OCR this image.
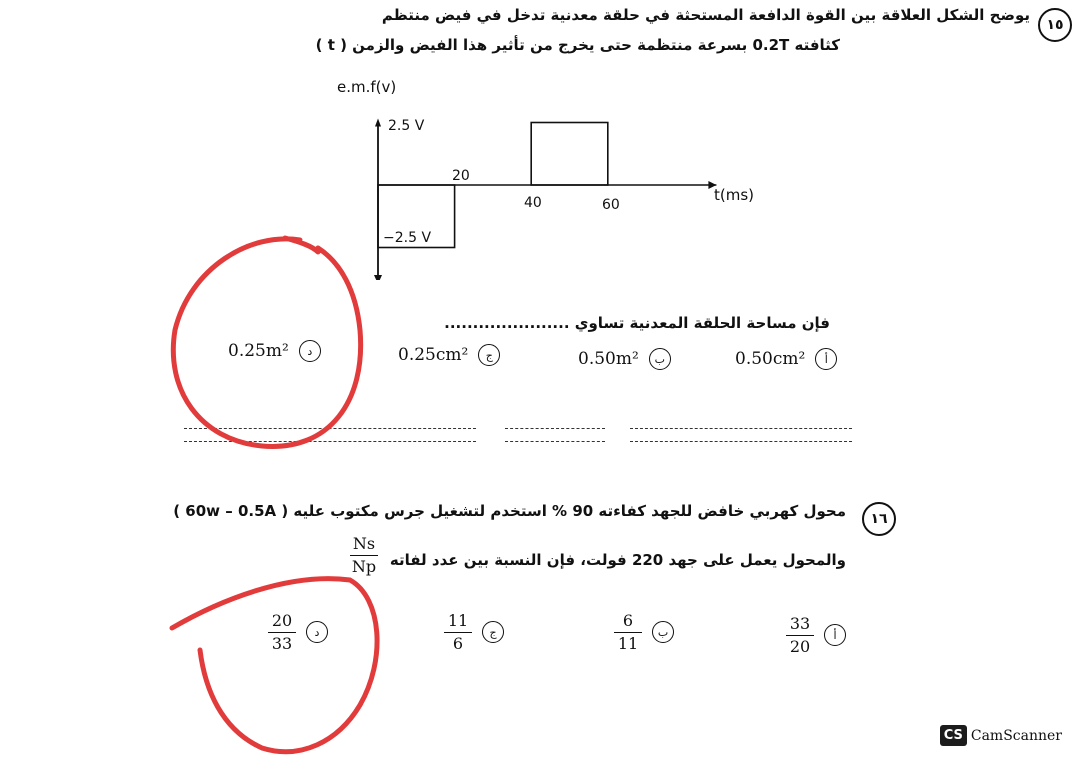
١٥
يوضح الشكل العلاقة بين القوة الدافعة المستحثة في حلقة معدنية تدخل في فيض منتظم
كثافته 0.2T بسرعة منتظمة حتى يخرج من تأثير هذا الفيض والزمن ( t )
e.m.f(v)
t(ms)
2.5 V
−2.5 V
20
40	60
فإن مساحة الحلقة المعدنية تساوي ......................
0.50cm²	أ
0.50m²	ب
0.25cm²	ج
0.25m²	د
١٦
محول كهربي خافض للجهد كفاءته 90 % استخدم لتشغيل جرس مكتوب عليه ( 60w – 0.5A )
والمحول يعمل على جهد 220 فولت، فإن النسبة بين عدد لفاته
Ns
Np
$\frac{33}{20}$	أ
$\frac{6}{11}$	ب
$\frac{11}{6}$	ج
$\frac{20}{33}$	د
CS CamScanner
